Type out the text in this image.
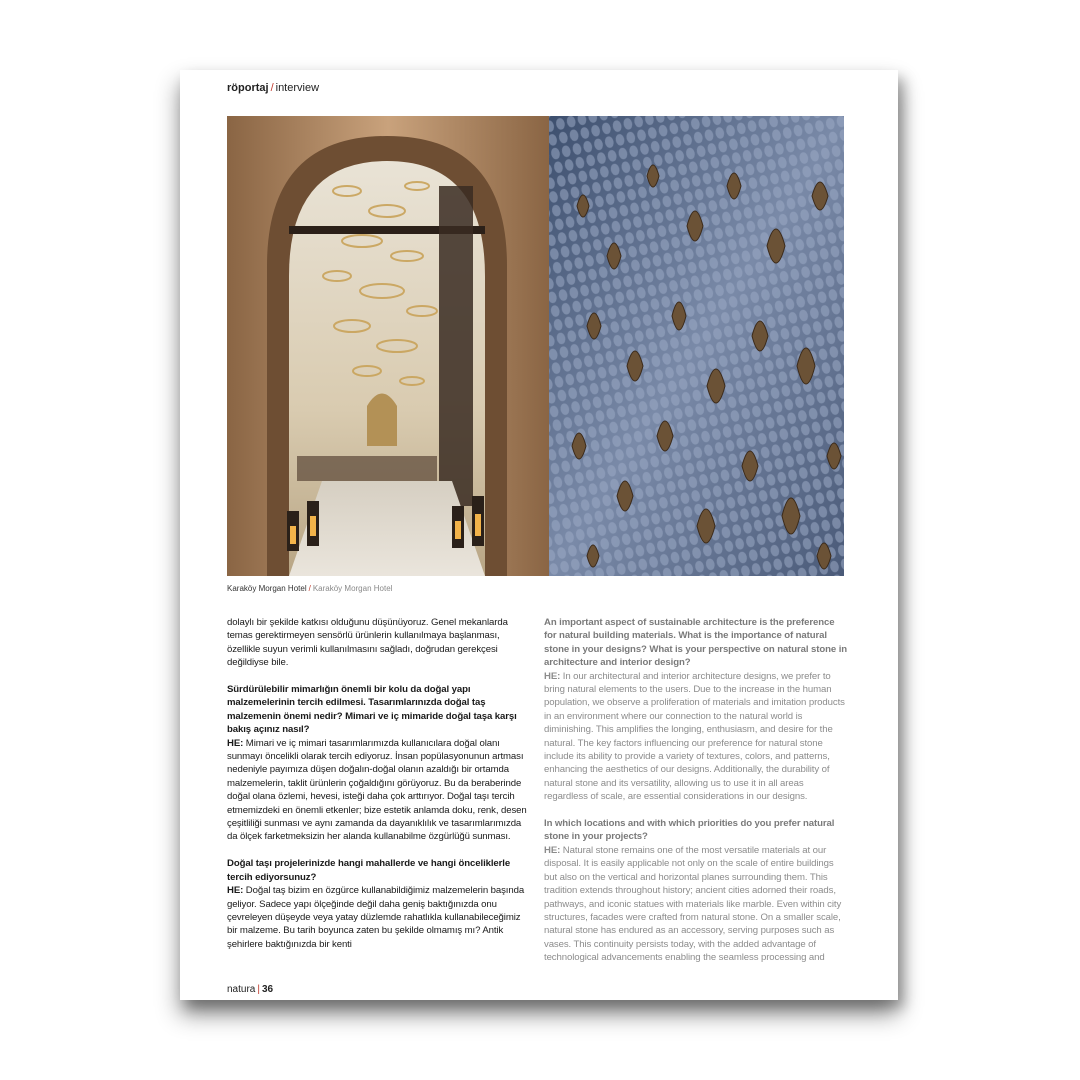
röportaj / interview
Karaköy Morgan Hotel / Karaköy Morgan Hotel

dolaylı bir şekilde katkısı olduğunu düşünüyoruz. Genel mekanlarda temas gerektirmeyen sensörlü ürünlerin kullanılmaya başlanması, özellikle suyun verimli kullanılmasını sağladı, doğrudan gerekçesi değildiyse bile.

Sürdürülebilir mimarlığın önemli bir kolu da doğal yapı malzemelerinin tercih edilmesi. Tasarımlarınızda doğal taş malzemenin önemi nedir? Mimari ve iç mimaride doğal taşa karşı bakış açınız nasıl?
HE: Mimari ve iç mimari tasarımlarımızda kullanıcılara doğal olanı sunmayı öncelikli olarak tercih ediyoruz. İnsan popülasyonunun artması nedeniyle payımıza düşen doğalın-doğal olanın azaldığı bir ortamda malzemelerin, taklit ürünlerin çoğaldığını görüyoruz. Bu da beraberinde doğal olana özlemi, hevesi, isteği daha çok arttırıyor. Doğal taşı tercih etmemizdeki en önemli etkenler; bize estetik anlamda doku, renk, desen çeşitliliği sunması ve aynı zamanda da dayanıklılık ve tasarımlarımızda da ölçek farketmeksizin her alanda kullanabilme özgürlüğü sunması.

Doğal taşı projelerinizde hangi mahallerde ve hangi önceliklerle tercih ediyorsunuz?
HE: Doğal taş bizim en özgürce kullanabildiğimiz malzemelerin başında geliyor. Sadece yapı ölçeğinde değil daha geniş baktığınızda onu çevreleyen düşeyde veya yatay düzlemde rahatlıkla kullanabileceğimiz bir malzeme. Bu tarih boyunca zaten bu şekilde olmamış mı? Antik şehirlere baktığınızda bir kenti

An important aspect of sustainable architecture is the preference for natural building materials. What is the importance of natural stone in your designs? What is your perspective on natural stone in architecture and interior design?
HE: In our architectural and interior architecture designs, we prefer to bring natural elements to the users. Due to the increase in the human population, we observe a proliferation of materials and imitation products in an environment where our connection to the natural world is diminishing. This amplifies the longing, enthusiasm, and desire for the natural. The key factors influencing our preference for natural stone include its ability to provide a variety of textures, colors, and patterns, enhancing the aesthetics of our designs. Additionally, the durability of natural stone and its versatility, allowing us to use it in all areas regardless of scale, are essential considerations in our designs.

In which locations and with which priorities do you prefer natural stone in your projects?
HE: Natural stone remains one of the most versatile materials at our disposal. It is easily applicable not only on the scale of entire buildings but also on the vertical and horizontal planes surrounding them. This tradition extends throughout history; ancient cities adorned their roads, pathways, and iconic statues with materials like marble. Even within city structures, facades were crafted from natural stone. On a smaller scale, natural stone has endured as an accessory, serving purposes such as vases. This continuity persists today, with the added advantage of technological advancements enabling the seamless processing and

natura | 36
